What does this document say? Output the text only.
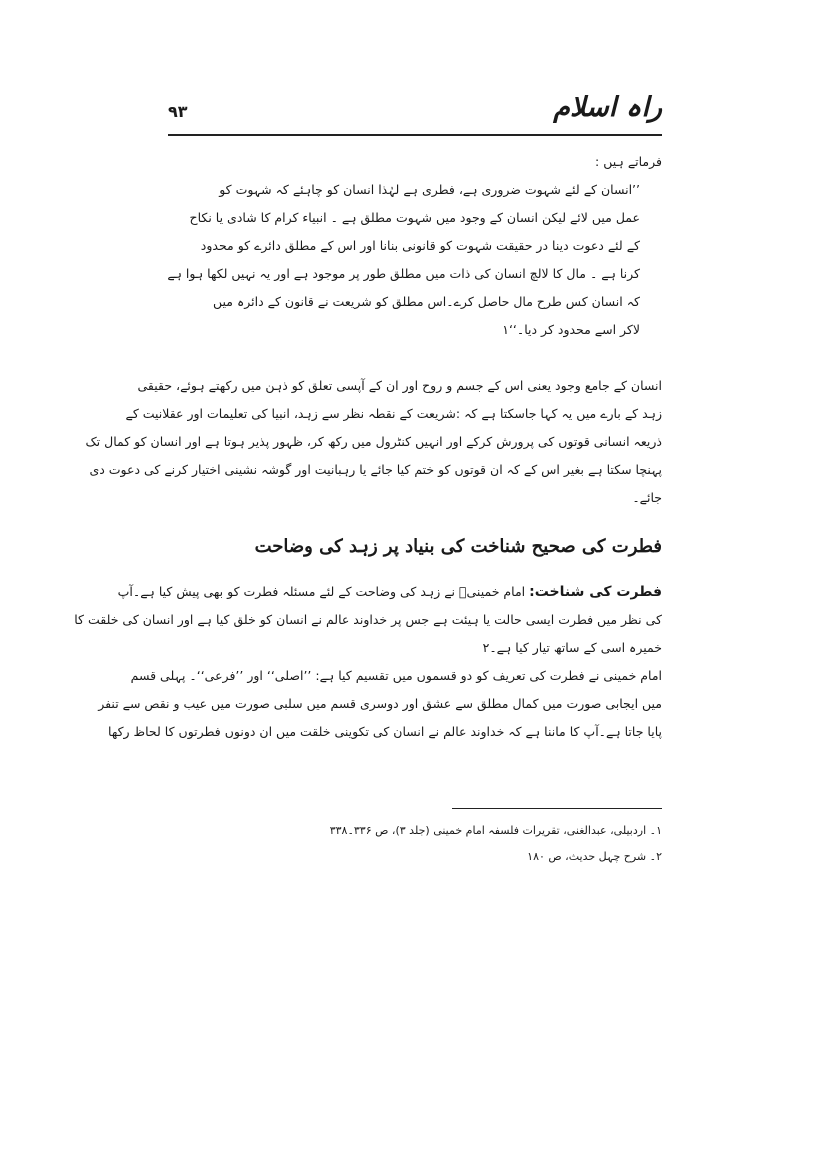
راہ اسلام
۹۳
فرماتے ہیں :
’’انسان کے لئے شہوت ضروری ہے، فطری ہے لہٰذا انسان کو چاہئے کہ شہوت کو
عمل میں لائے لیکن انسان کے وجود میں شہوت مطلق ہے ۔ انبیاء کرام کا شادی یا نکاح
کے لئے دعوت دینا در حقیقت شہوت کو قانونی بنانا اور اس کے مطلق دائرے کو محدود
کرنا ہے ۔ مال کا لالچ انسان کی ذات میں مطلق طور پر موجود ہے اور یہ نہیں لکھا ہوا ہے
کہ انسان کس طرح مال حاصل کرے۔اس مطلق کو شریعت نے قانون کے دائرہ میں
لاکر اسے محدود کر دیا۔‘‘۱
انسان کے جامع وجود یعنی اس کے جسم و روح اور ان کے آپسی تعلق کو ذہن میں رکھتے ہوئے، حقیقی
زہد کے بارے میں یہ کہا جاسکتا ہے کہ :شریعت کے نقطہ نظر سے زہد، انبیا کی تعلیمات اور عقلانیت کے
ذریعہ انسانی قوتوں کی پرورش کرکے اور انہیں کنٹرول میں رکھ کر، ظہور پذیر ہوتا ہے اور انسان کو کمال تک
پہنچا سکتا ہے بغیر اس کے کہ ان قوتوں کو ختم کیا جائے یا رہبانیت اور گوشہ نشینی اختیار کرنے کی دعوت دی
جائے۔
فطرت کی صحیح شناخت کی بنیاد پر زہد کی وضاحت
فطرت کی شناخت: امام خمینیؒ نے زہد کی وضاحت کے لئے مسئلہ فطرت کو بھی پیش کیا ہے۔آپ
کی نظر میں فطرت ایسی حالت یا ہیئت ہے جس پر خداوند عالم نے انسان کو خلق کیا ہے اور انسان کی خلقت کا
خمیرہ اسی کے ساتھ تیار کیا ہے۔۲
امام خمینی نے فطرت کی تعریف کو دو قسموں میں تقسیم کیا ہے: ’’اصلی‘‘ اور ’’فرعی‘‘۔ پہلی قسم
میں ایجابی صورت میں کمال مطلق سے عشق اور دوسری قسم میں سلبی صورت میں عیب و نقص سے تنفر
پایا جاتا ہے۔آپ کا ماننا ہے کہ خداوند عالم نے انسان کی تکوینی خلقت میں ان دونوں فطرتوں کا لحاظ رکھا
۱۔ اردبیلی، عبدالغنی، تقریرات فلسفہ امام خمینی (جلد ۳)، ص ۳۳۶۔۳۳۸
۲۔ شرح چہل حدیث، ص ۱۸۰
